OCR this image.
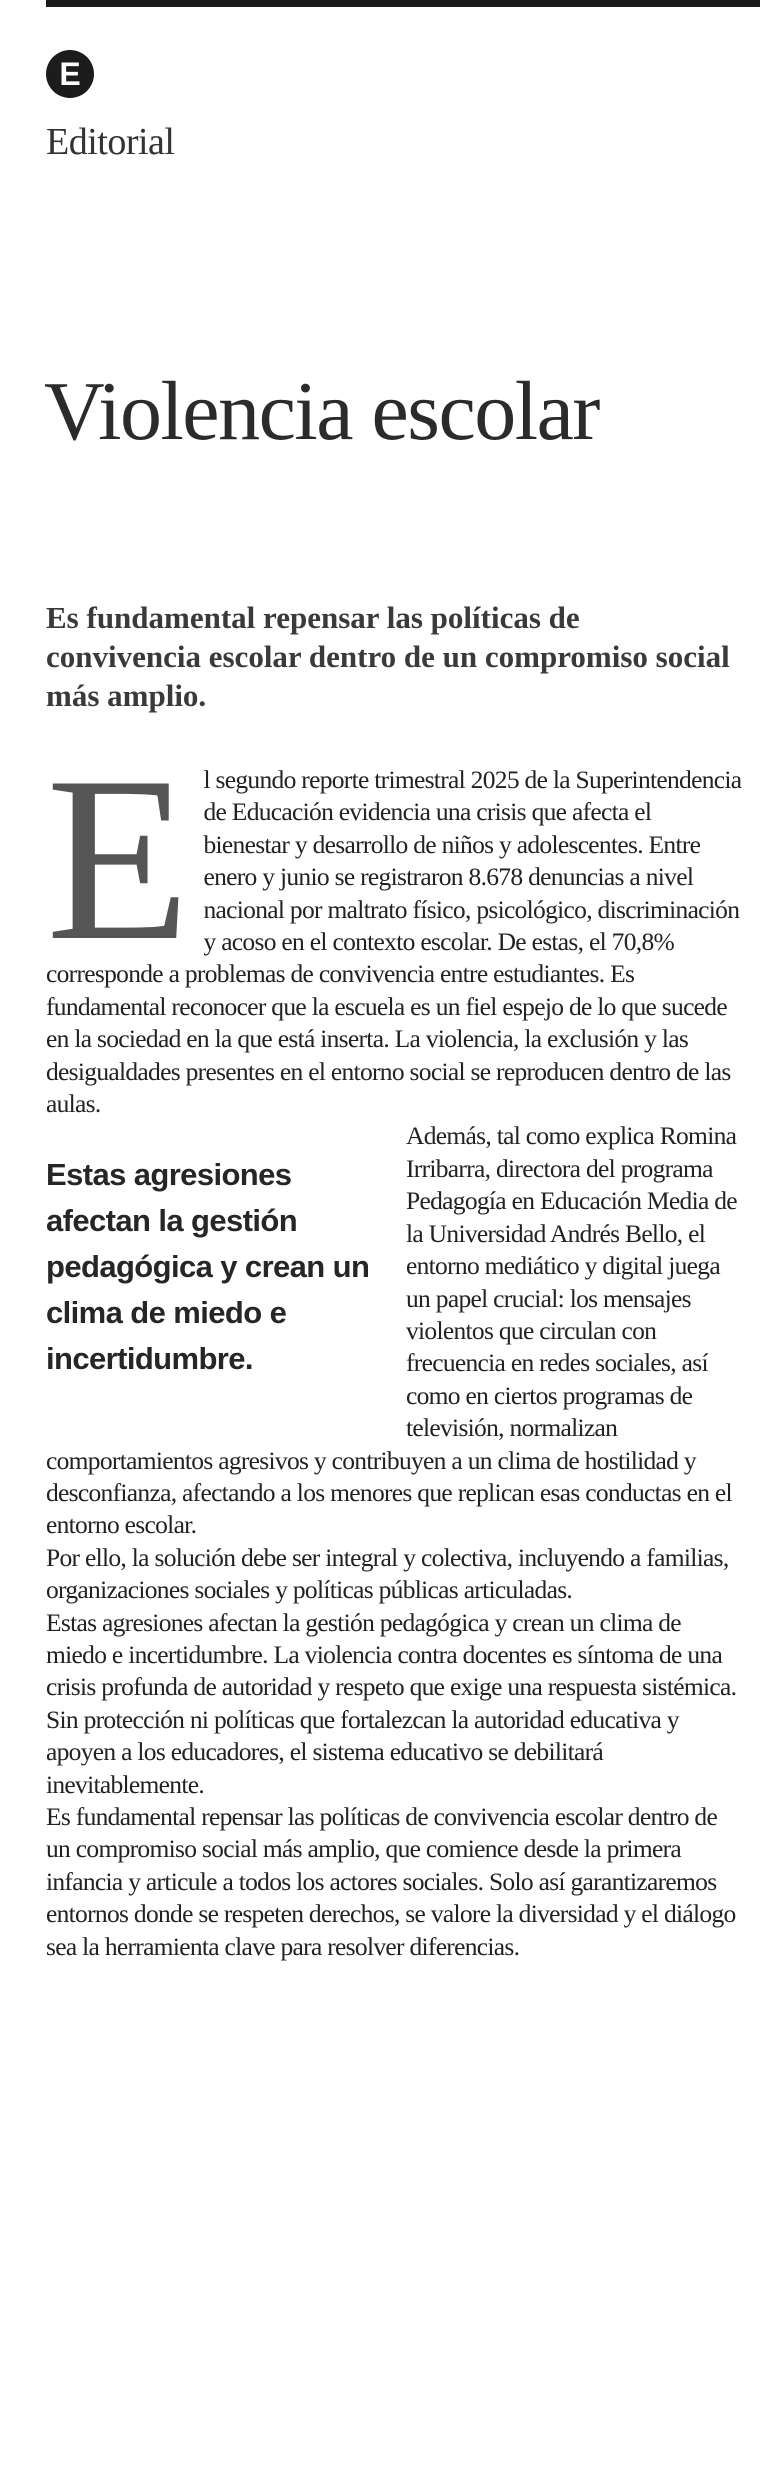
E
Editorial
Violencia escolar
Es fundamental repensar las políticas de convivencia escolar dentro de un compromiso social más amplio.
E l segundo reporte trimestral 2025 de la Superintendencia de Educación evidencia una crisis que afecta el bienestar y desarrollo de niños y adolescentes. Entre enero y junio se registraron 8.678 denuncias a nivel nacional por maltrato físico, psicológico, discriminación y acoso en el contexto escolar. De estas, el 70,8% corresponde a problemas de convivencia entre estudiantes. Es fundamental reconocer que la escuela es un fiel espejo de lo que sucede en la sociedad en la que está inserta. La violencia, la exclusión y las desigualdades presentes en el entorno social se reproducen dentro de las aulas.

Estas agresiones afectan la gestión pedagógica y crean un clima de miedo e incertidumbre.

Además, tal como explica Romina Irribarra, directora del programa Pedagogía en Educación Media de la Universidad Andrés Bello, el entorno mediático y digital juega un papel crucial: los mensajes violentos que circulan con frecuencia en redes sociales, así como en ciertos programas de televisión, normalizan comportamientos agresivos y contribuyen a un clima de hostilidad y desconfianza, afectando a los menores que replican esas conductas en el entorno escolar.

Por ello, la solución debe ser integral y colectiva, incluyendo a familias, organizaciones sociales y políticas públicas articuladas.

Estas agresiones afectan la gestión pedagógica y crean un clima de miedo e incertidumbre. La violencia contra docentes es síntoma de una crisis profunda de autoridad y respeto que exige una respuesta sistémica. Sin protección ni políticas que fortalezcan la autoridad educativa y apoyen a los educadores, el sistema educativo se debilitará inevitablemente.

Es fundamental repensar las políticas de convivencia escolar dentro de un compromiso social más amplio, que comience desde la primera infancia y articule a todos los actores sociales. Solo así garantizaremos entornos donde se respeten derechos, se valore la diversidad y el diálogo sea la herramienta clave para resolver diferencias.
